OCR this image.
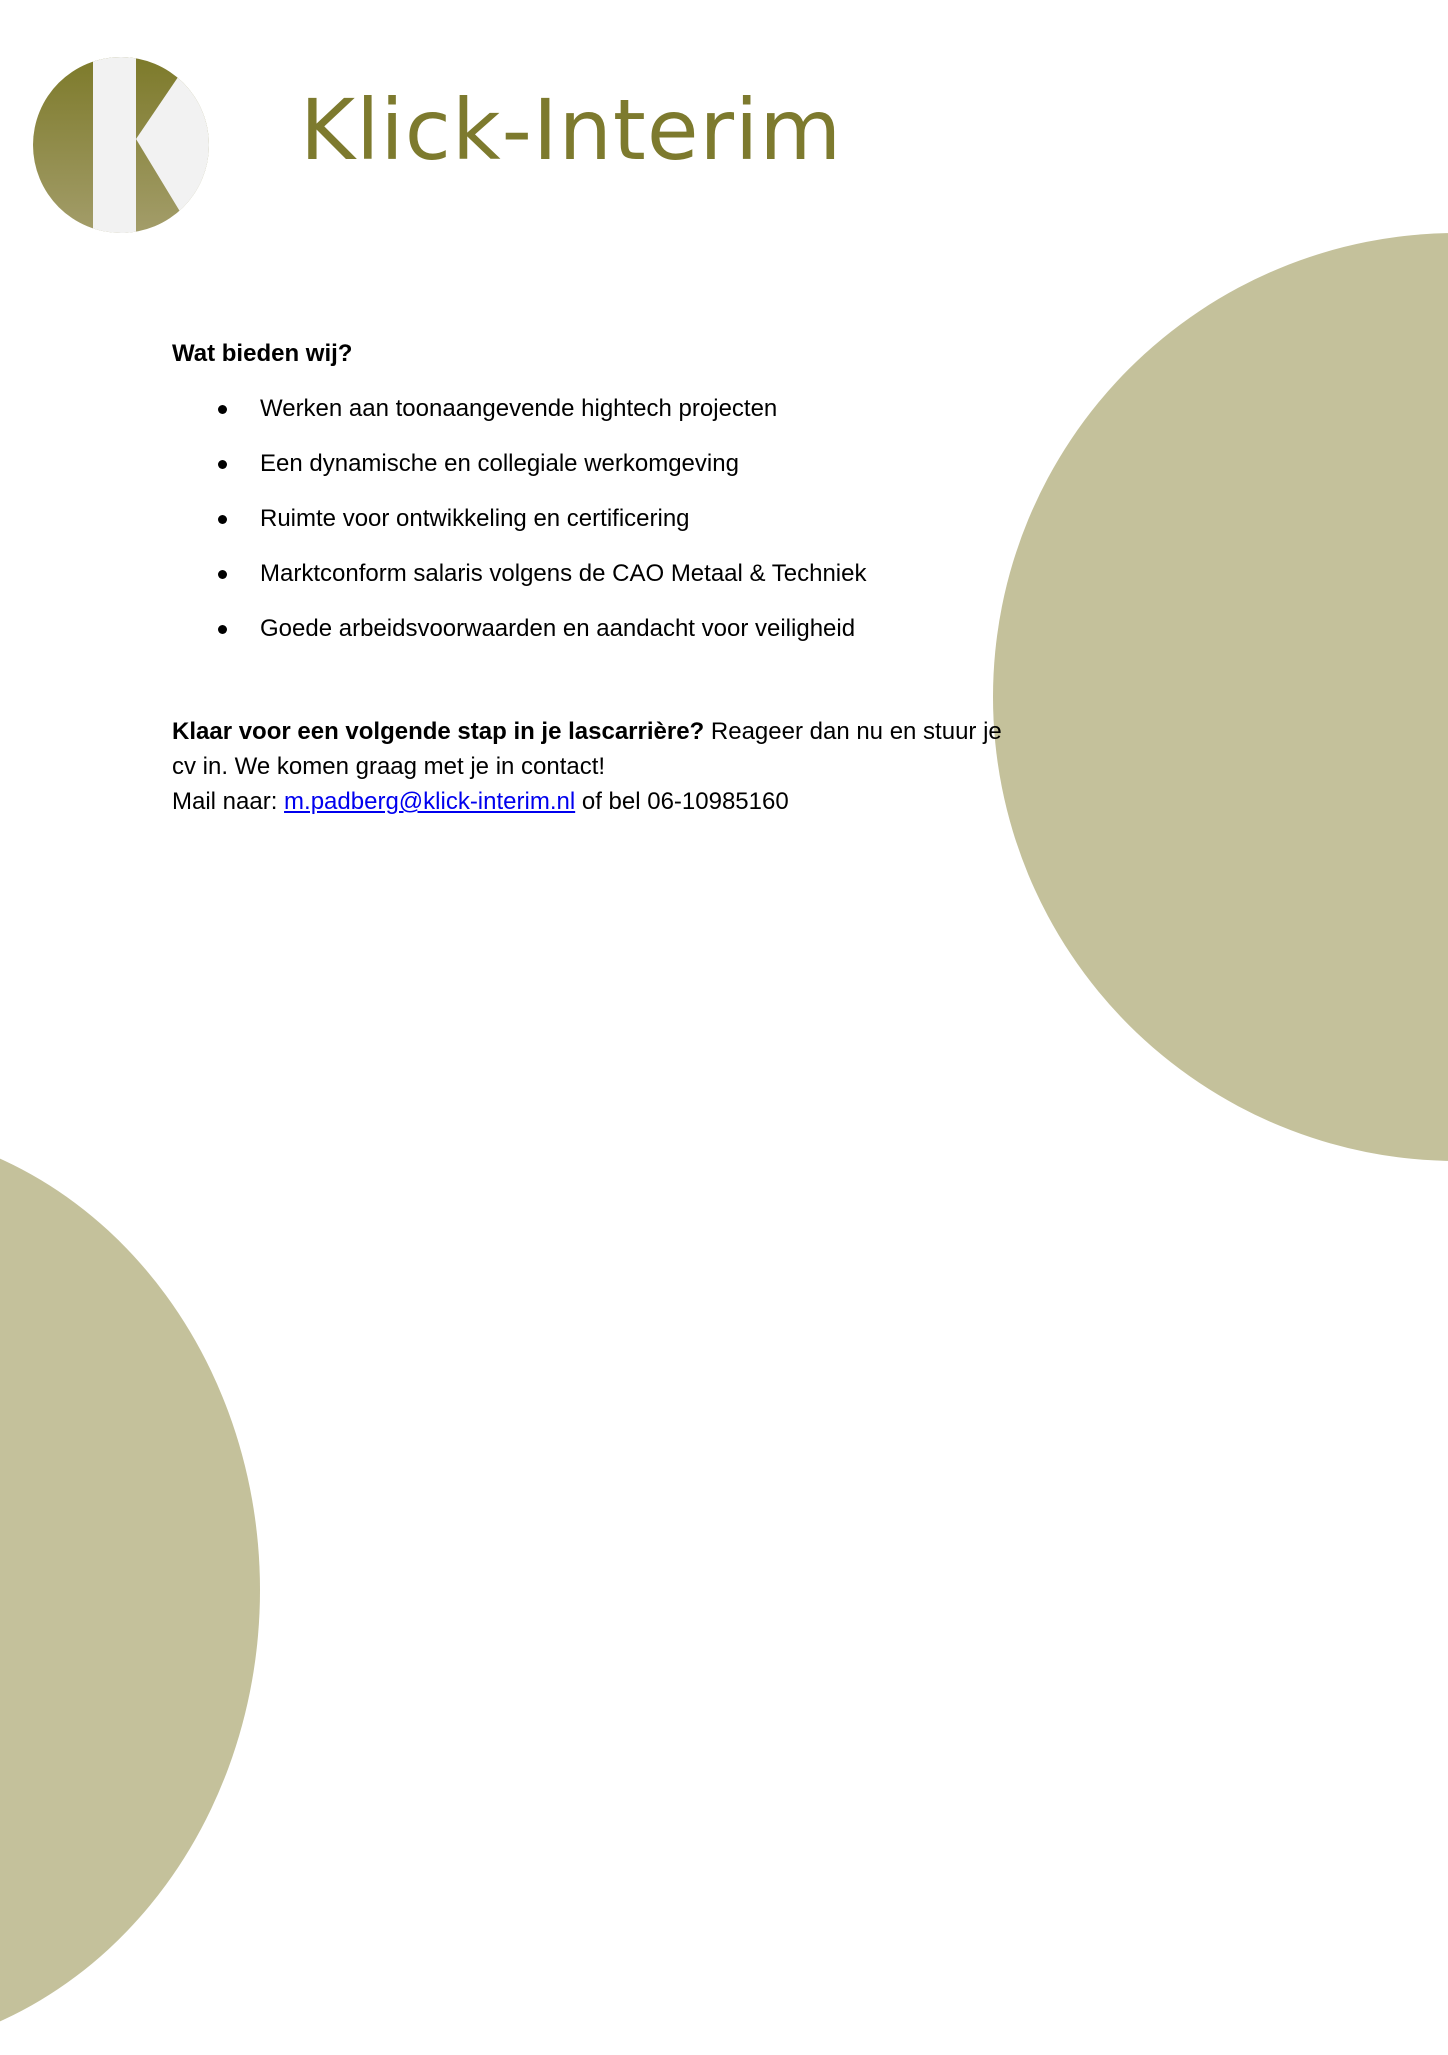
Klick-Interim
Wat bieden wij?
Werken aan toonaangevende hightech projecten
Een dynamische en collegiale werkomgeving
Ruimte voor ontwikkeling en certificering
Marktconform salaris volgens de CAO Metaal & Techniek
Goede arbeidsvoorwaarden en aandacht voor veiligheid

Klaar voor een volgende stap in je lascarrière? Reageer dan nu en stuur je cv in. We komen graag met je in contact!

Mail naar: m.padberg@klick-interim.nl of bel 06-10985160
